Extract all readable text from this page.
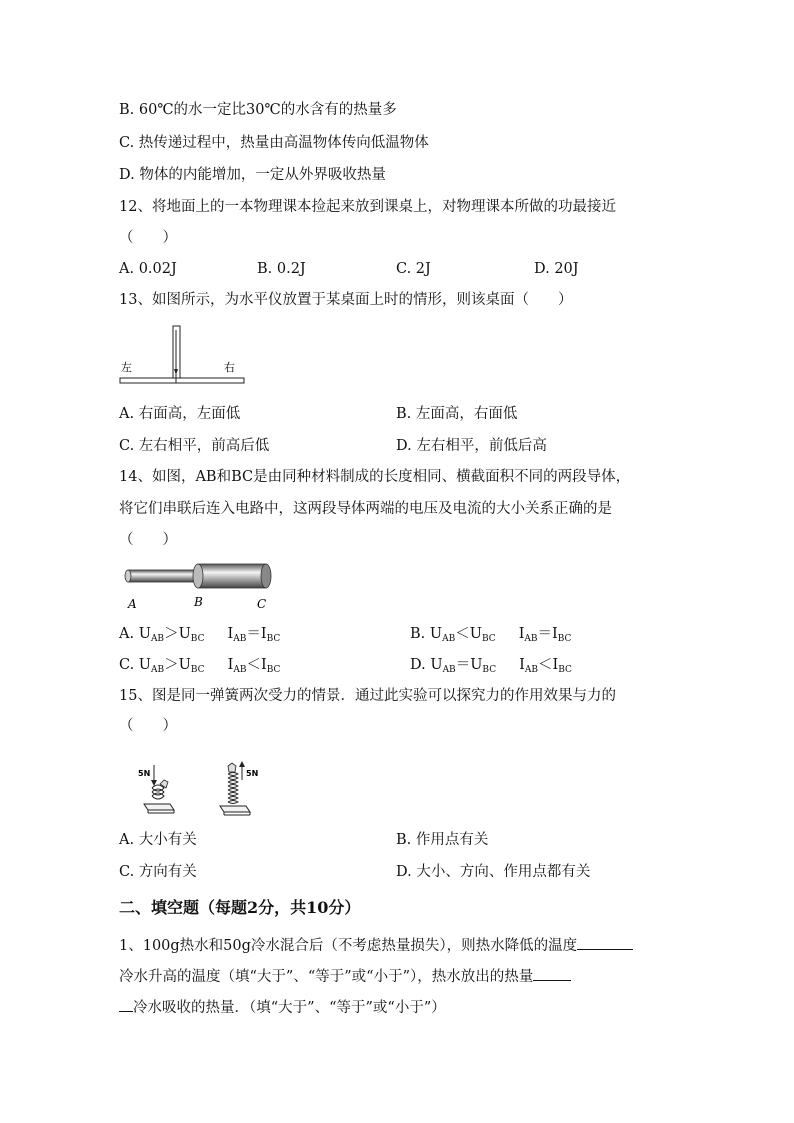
B. 60℃的水一定比30℃的水含有的热量多
C. 热传递过程中，热量由高温物体传向低温物体
D. 物体的内能增加，一定从外界吸收热量
12、将地面上的一本物理课本捡起来放到课桌上，对物理课本所做的功最接近
（　　）
A. 0.02J	B. 0.2J	C. 2J	D. 20J
13、如图所示，为水平仪放置于某桌面上时的情形，则该桌面（　　）
左	右
A. 右面高，左面低	B. 左面高，右面低
C. 左右相平，前高后低	D. 左右相平，前低后高
14、如图，AB和BC是由同种材料制成的长度相同、横截面积不同的两段导体，
将它们串联后连入电路中，这两段导体两端的电压及电流的大小关系正确的是
（　　）
A	B	C
A. $U_{AB}>U_{BC}$ $I_{AB}=I_{BC}$	B. $U_{AB}<U_{BC}$ $I_{AB}=I_{BC}$
C. $U_{AB}>U_{BC}$ $I_{AB}<I_{BC}$	D. $U_{AB}=U_{BC}$ $I_{AB}<I_{BC}$
15、图是同一弹簧两次受力的情景．通过此实验可以探究力的作用效果与力的
（　　）
5N	5N
A. 大小有关	B. 作用点有关
C. 方向有关	D. 大小、方向、作用点都有关
二、填空题（每题2分，共10分）
1、100g热水和50g冷水混合后（不考虑热量损失），则热水降低的温度
冷水升高的温度（填“大于”、“等于”或“小于”），热水放出的热量
冷水吸收的热量．（填“大于”、“等于”或“小于”）
